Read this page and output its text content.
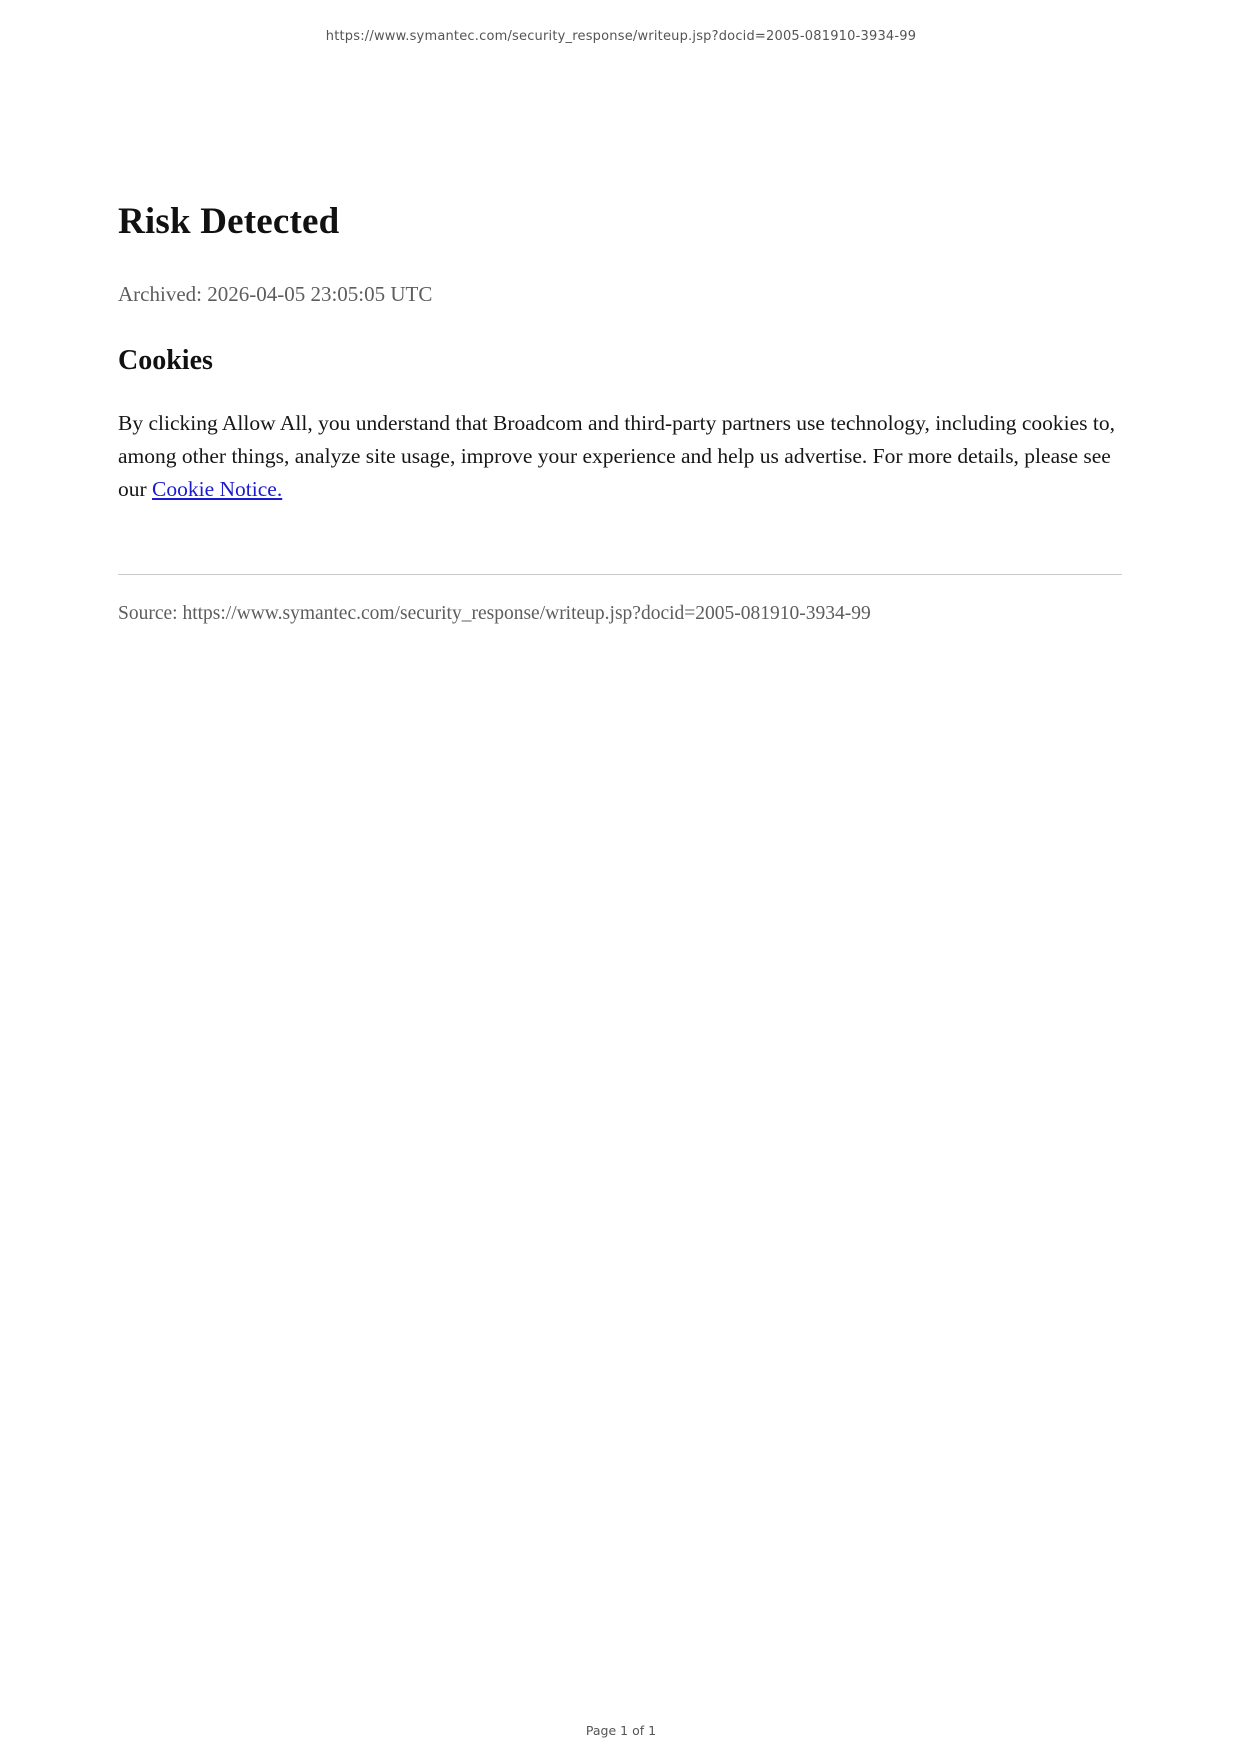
https://www.symantec.com/security_response/writeup.jsp?docid=2005-081910-3934-99
Risk Detected
Archived: 2026-04-05 23:05:05 UTC
Cookies

By clicking Allow All, you understand that Broadcom and third-party partners use technology, including cookies to, among other things, analyze site usage, improve your experience and help us advertise. For more details, please see our Cookie Notice.

Source: https://www.symantec.com/security_response/writeup.jsp?docid=2005-081910-3934-99
Page 1 of 1
